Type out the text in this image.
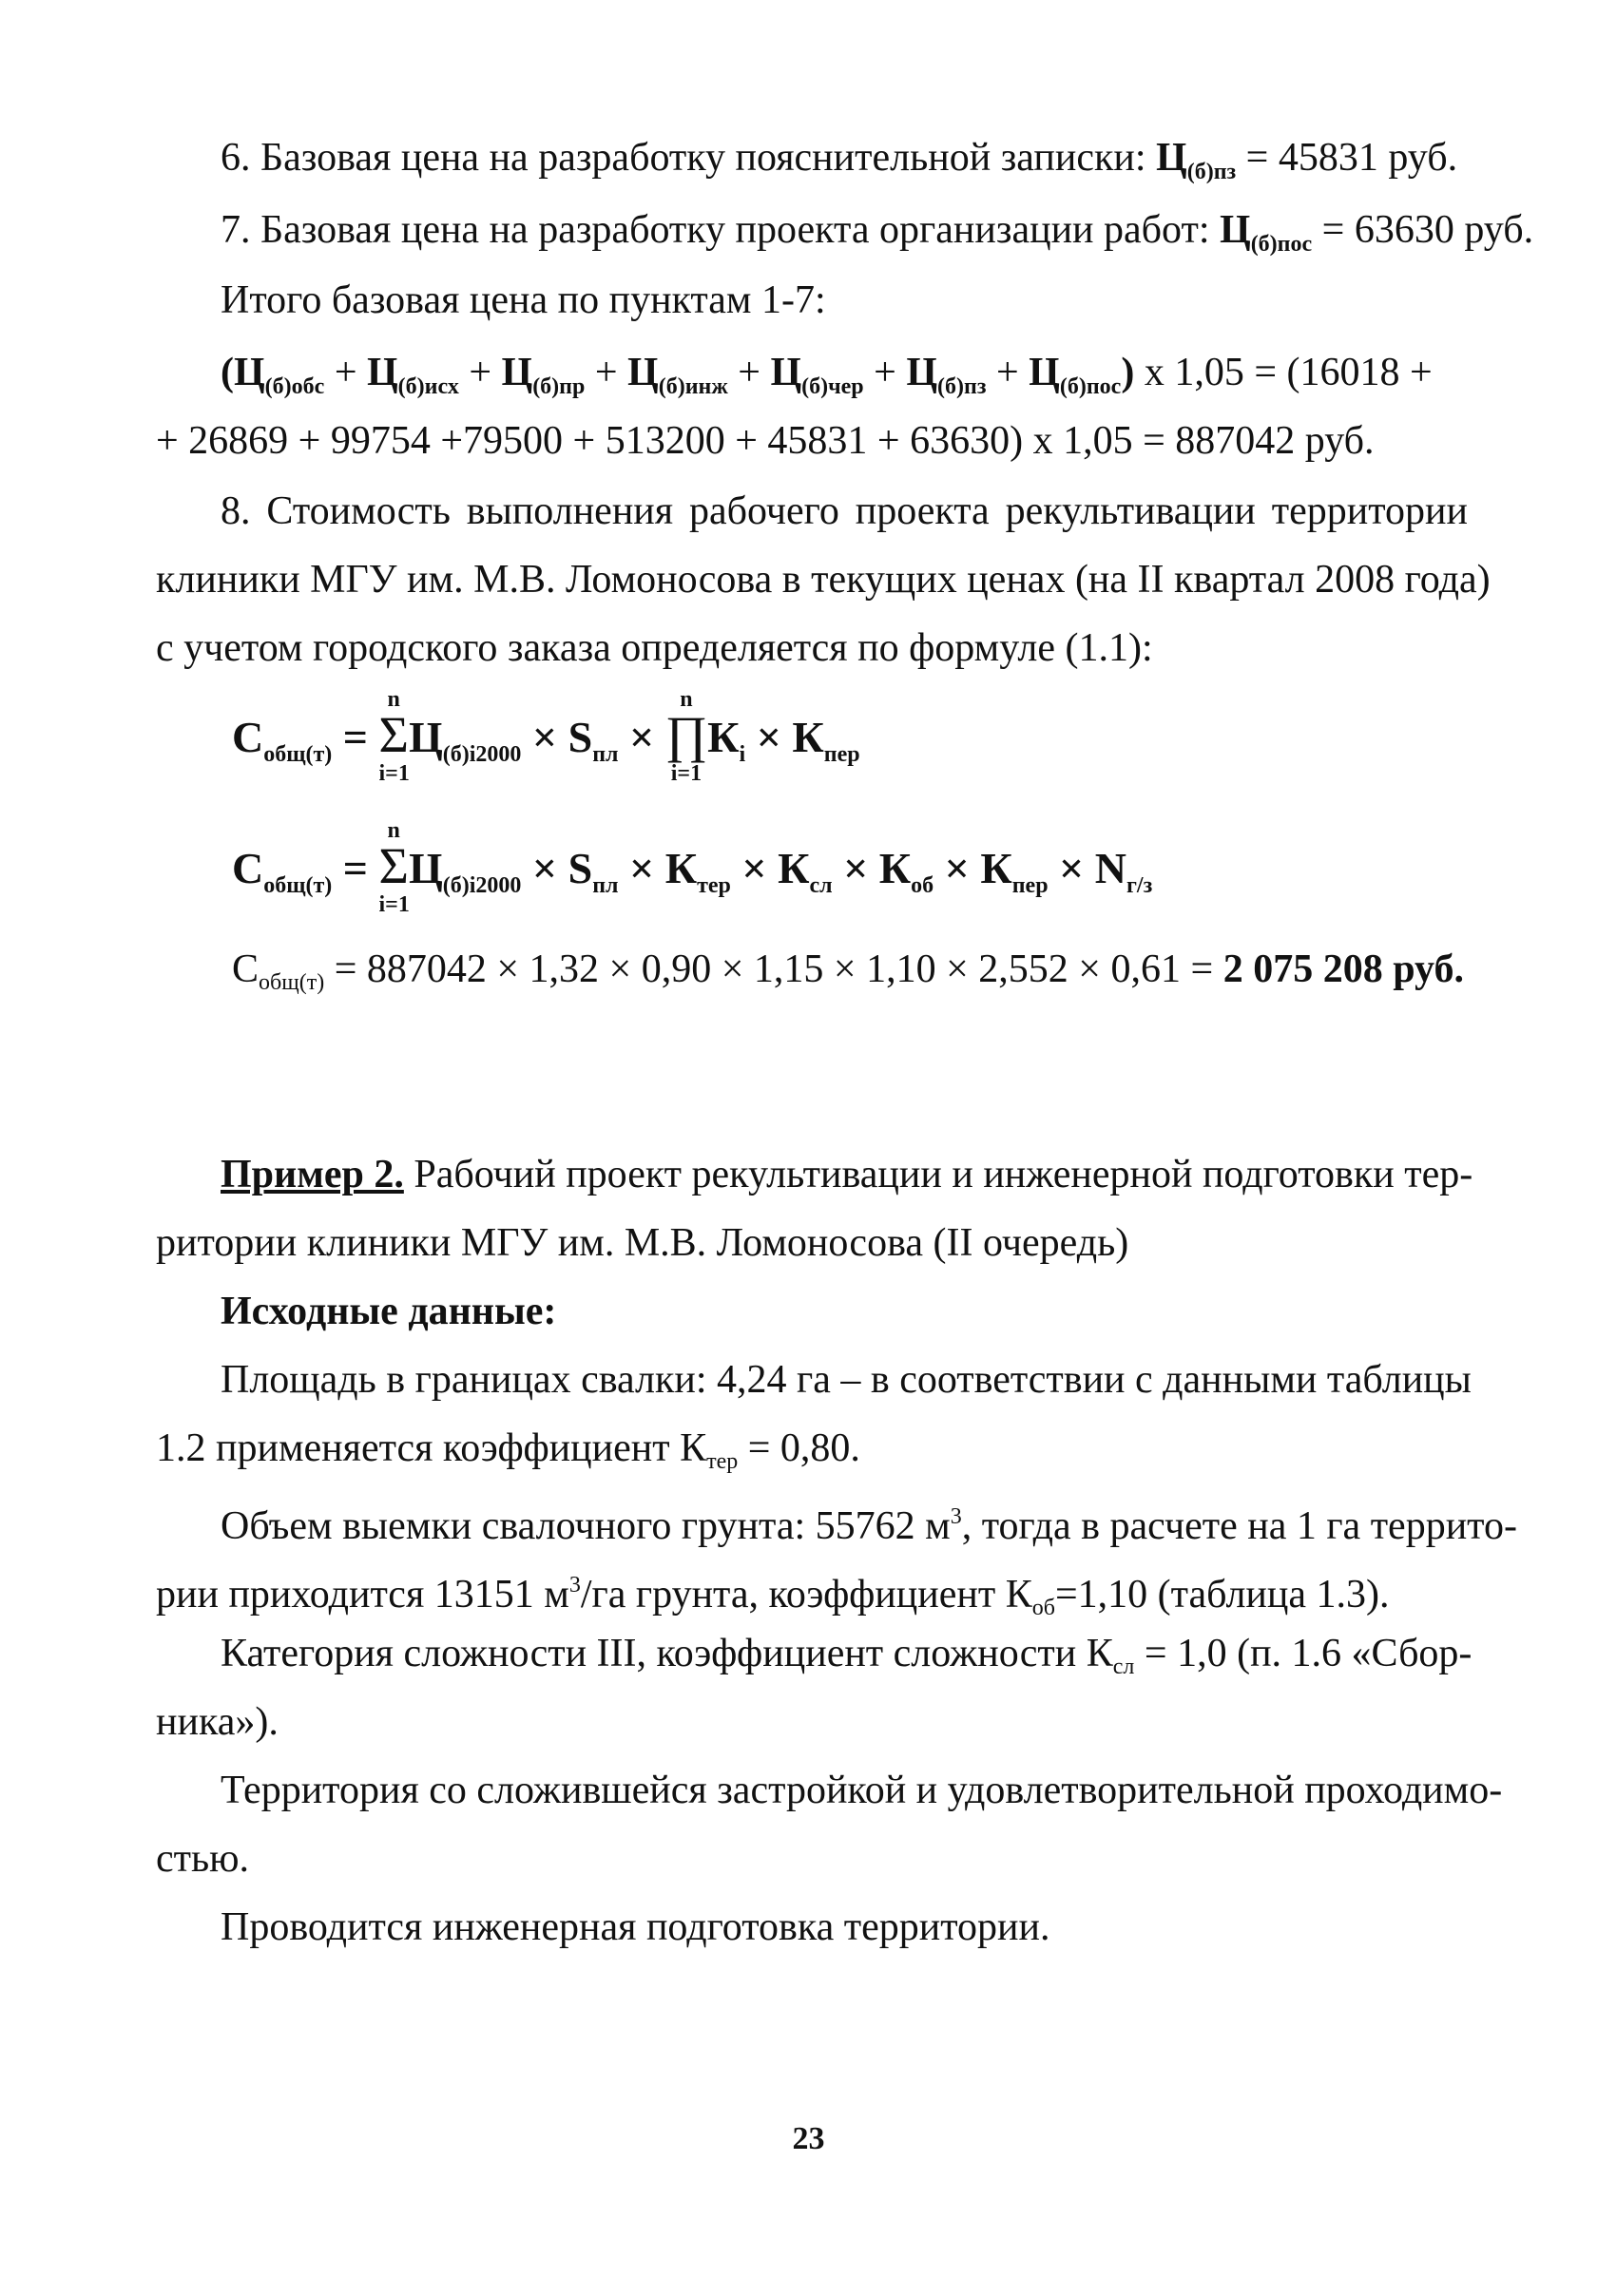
6. Базовая цена на разработку пояснительной записки: $Ц_{(б)пз} = 45831$ руб.
7. Базовая цена на разработку проекта организации работ: $Ц_{(б)пос} = 63630$ руб.
Итого базовая цена по пунктам 1-7:
$(Ц_{(б)обс} + Ц_{(б)исх} + Ц_{(б)пр} + Ц_{(б)инж} + Ц_{(б)чер} + Ц_{(б)пз} + Ц_{(б)пос})$ х 1,05 = (16018 +
+ 26869 + 99754 +79500 + 513200 + 45831 + 63630) х 1,05 = 887042 руб.
8. Стоимость выполнения рабочего проекта рекультивации территории
клиники МГУ им. М.В. Ломоносова в текущих ценах (на II квартал 2008 года)
с учетом городского заказа определяется по формуле (1.1):
$С_{общ(т)}$ =
n
Σ
i=1
$Ц_{(б)i2000} \times S_{пл}$ ×
n
∏
i=1
$К_i \times К_{пер}$
$С_{общ(т)}$ =
n
Σ
i=1
$Ц_{(б)i2000} \times S_{пл} \times К_{тер} \times К_{сл} \times К_{об} \times К_{пер} \times N_{г/з}$
Собщ(т) = 887042 × 1,32 × 0,90 × 1,15 × 1,10 × 2,552 × 0,61 = 2 075 208 руб.
Пример 2. Рабочий проект рекультивации и инженерной подготовки тер-
ритории клиники МГУ им. М.В. Ломоносова (II очередь)
Исходные данные:
Площадь в границах свалки: 4,24 га – в соответствии с данными таблицы
1.2 применяется коэффициент Ктер = 0,80.
Объем выемки свалочного грунта: 55762 $м^3$, тогда в расчете на 1 га террито-
рии приходится 13151 $м^3/га$ грунта, коэффициент Коб=1,10 (таблица 1.3).
Категория сложности III, коэффициент сложности Ксл = 1,0 (п. 1.6 «Сбор-
ника»).
Территория со сложившейся застройкой и удовлетворительной проходимо-
стью.
Проводится инженерная подготовка территории.
23
